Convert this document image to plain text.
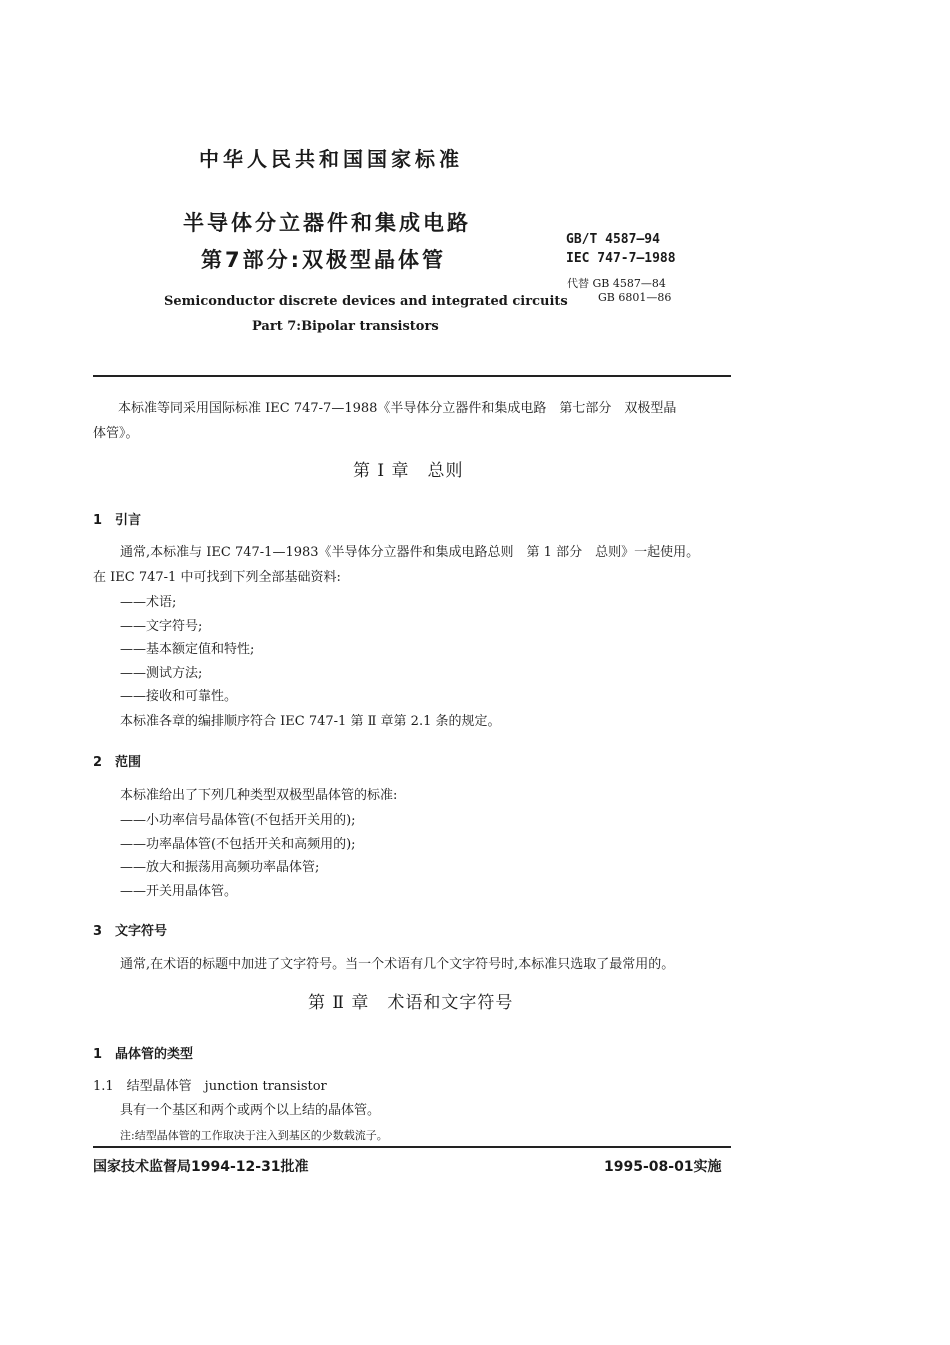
中华人民共和国国家标准
半导体分立器件和集成电路
第7部分:双极型晶体管
Semiconductor discrete devices and integrated circuits
Part 7:Bipolar transistors
GB/T 4587—94
IEC 747-7—1988
代替 GB 4587—84
GB 6801—86
本标准等同采用国际标准 IEC 747-7—1988《半导体分立器件和集成电路　第七部分　双极型晶
体管》。
第 I 章　总则
1　引言
通常,本标准与 IEC 747-1—1983《半导体分立器件和集成电路总则　第 1 部分　总则》一起使用。
在 IEC 747-1 中可找到下列全部基础资料:
——术语;
——文字符号;
——基本额定值和特性;
——测试方法;
——接收和可靠性。
本标准各章的编排顺序符合 IEC 747-1 第 Ⅱ 章第 2.1 条的规定。
2　范围
本标准给出了下列几种类型双极型晶体管的标准:
——小功率信号晶体管(不包括开关用的);
——功率晶体管(不包括开关和高频用的);
——放大和振荡用高频功率晶体管;
——开关用晶体管。
3　文字符号
通常,在术语的标题中加进了文字符号。当一个术语有几个文字符号时,本标准只选取了最常用的。
第 Ⅱ 章　术语和文字符号
1　晶体管的类型
1.1　结型晶体管　junction transistor
具有一个基区和两个或两个以上结的晶体管。
注:结型晶体管的工作取决于注入到基区的少数载流子。
国家技术监督局1994-12-31批准	1995-08-01实施
